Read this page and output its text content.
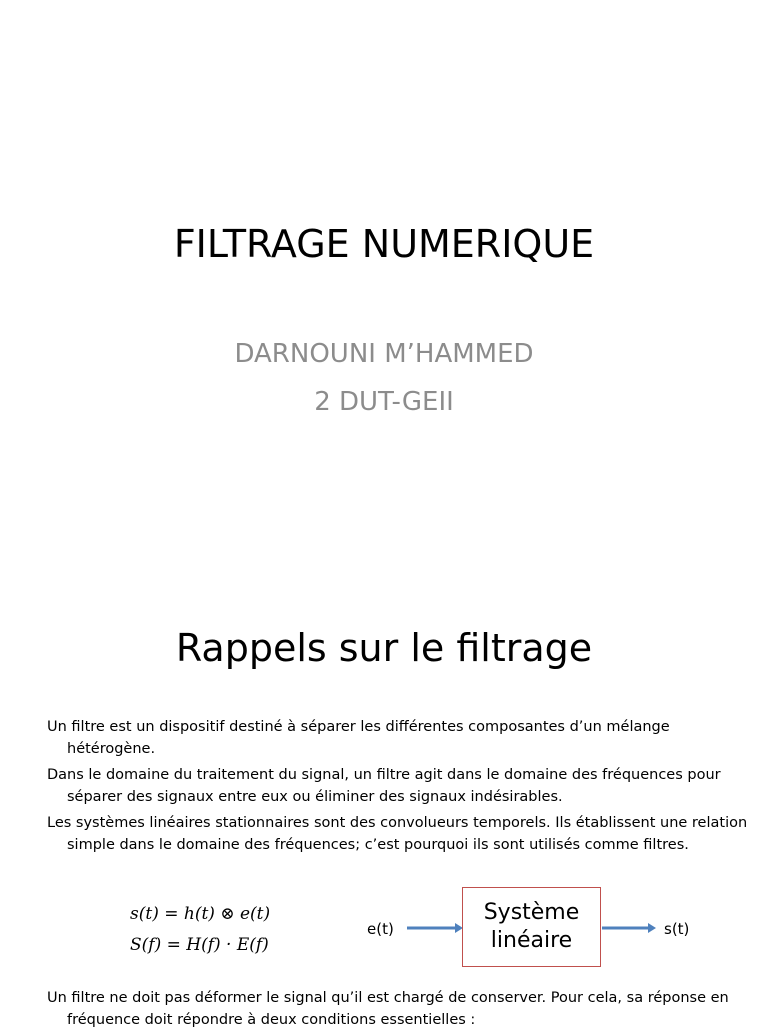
FILTRAGE NUMERIQUE
DARNOUNI M’HAMMED
2 DUT-GEII
Rappels sur le filtrage

Un filtre est un dispositif destiné à séparer les différentes composantes d’un mélange hétérogène.

Dans le domaine du traitement du signal, un filtre agit dans le domaine des fréquences pour séparer des signaux entre eux ou éliminer des signaux indésirables.

Les systèmes linéaires stationnaires sont des convolueurs temporels. Ils établissent une relation simple dans le domaine des fréquences; c’est pourquoi ils sont utilisés comme filtres.

s(t) = h(t) ⊗ e(t)
S(f) = H(f) · E(f)
e(t)
Système
linéaire	s(t)

Un filtre ne doit pas déformer le signal qu’il est chargé de conserver. Pour cela, sa réponse en fréquence doit répondre à deux conditions essentielles :
